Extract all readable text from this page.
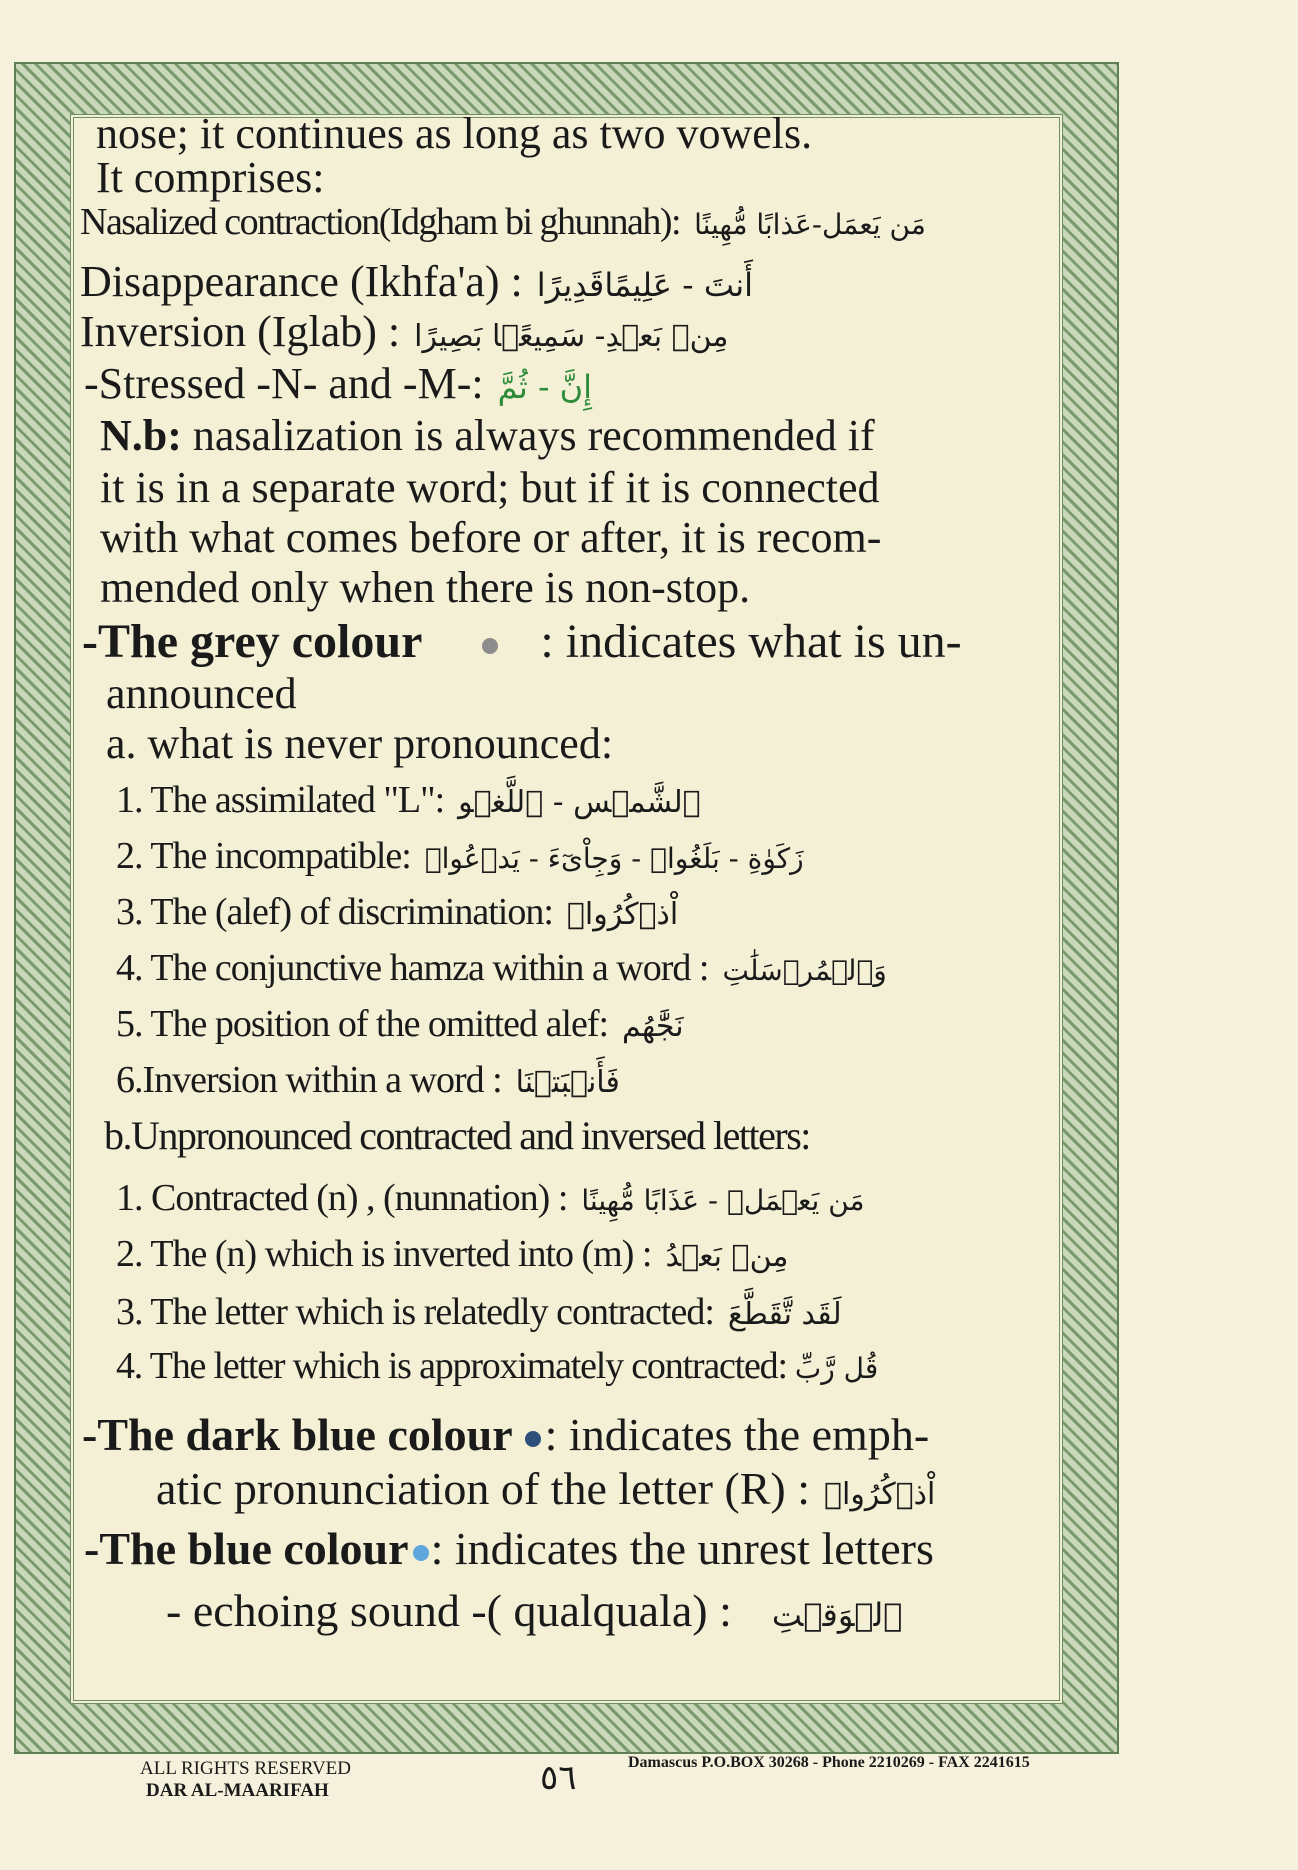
nose; it continues as long as two vowels.
It comprises:
Nasalized contraction(Idgham bi ghunnah): مَن يَعمَل-عَذابًا مُّهِينًا
Disappearance (Ikhfa'a) : أَنتَ - عَلِيمًاقَدِيرًا
Inversion (Iglab) : مِنۢ بَعۡدِ- سَمِيعًۢا بَصِيرًا
-Stressed -N- and -M-: إِنَّ - ثُمَّ
N.b: nasalization is always recommended if
it is in a separate word; but if it is connected
with what comes before or after, it is recom-
mended only when there is non-stop.
-The grey colour : indicates what is un-
announced
a. what is never pronounced:
1. The assimilated "L": ٱلشَّمۡس - ٱللَّغۡو
2. The incompatible: زَكَوٰةِ - بَلَغُوا۟ - وَجِاْىٓءَ - يَدۡعُوا۟
3. The (alef) of discrimination: اْذۡكُرُوا۟
4. The conjunctive hamza within a word : وَٱلۡمُرۡسَلَٰتِ
5. The position of the omitted alef: نَجَّٰهُم
6.Inversion within a word : فَأَنۢبَتۡنَا
b.Unpronounced contracted and inversed letters:
1. Contracted (n) , (nunnation) : مَن يَعۡمَلۡ - عَذَابًا مُّهِينًا
2. The (n) which is inverted into (m) : مِنۢ بَعۡدُ
3. The letter which is relatedly contracted: لَقَد تَّقَطَّعَ
4. The letter which is approximately contracted: قُل رَّبِّ
-The dark blue colour : indicates the emph-
atic pronunciation of the letter (R) : اْذۡكُرُوا۟
-The blue colour : indicates the unrest letters
- echoing sound -( qualquala) : ٱلۡوَقۡتِ
ALL RIGHTS RESERVED
DAR AL-MAARIFAH	٥٦	Damascus P.O.BOX 30268 - Phone 2210269 - FAX 2241615
